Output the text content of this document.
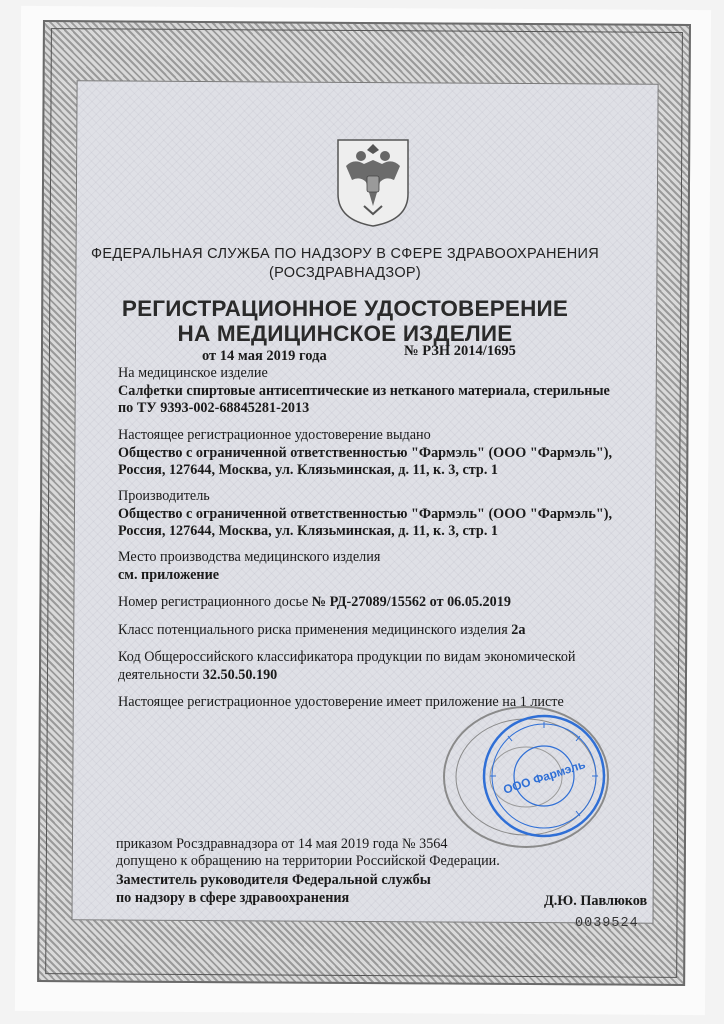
ФЕДЕРАЛЬНАЯ СЛУЖБА ПО НАДЗОРУ В СФЕРЕ ЗДРАВООХРАНЕНИЯ
(РОСЗДРАВНАДЗОР)
РЕГИСТРАЦИОННОЕ УДОСТОВЕРЕНИЕ
НА МЕДИЦИНСКОЕ ИЗДЕЛИЕ
от 14 мая 2019 года	№ РЗН 2014/1695
На медицинское изделие
Салфетки спиртовые антисептические из нетканого материала, стерильные
по ТУ 9393-002-68845281-2013
Настоящее регистрационное удостоверение выдано
Общество с ограниченной ответственностью "Фармэль" (ООО "Фармэль"),
Россия, 127644, Москва, ул. Клязьминская, д. 11, к. 3, стр. 1
Производитель
Общество с ограниченной ответственностью "Фармэль" (ООО "Фармэль"),
Россия, 127644, Москва, ул. Клязьминская, д. 11, к. 3, стр. 1
Место производства медицинского изделия
см. приложение
Номер регистрационного досье № РД-27089/15562 от 06.05.2019
Класс потенциального риска применения медицинского изделия 2а
Код Общероссийского классификатора продукции по видам экономической
деятельности 32.50.50.190
Настоящее регистрационное удостоверение имеет приложение на 1 листе
ООО Фармэль
приказом Росздравнадзора от 14 мая 2019 года № 3564
допущено к обращению на территории Российской Федерации.
Заместитель руководителя Федеральной службы
по надзору в сфере здравоохранения	Д.Ю. Павлюков
0039524
